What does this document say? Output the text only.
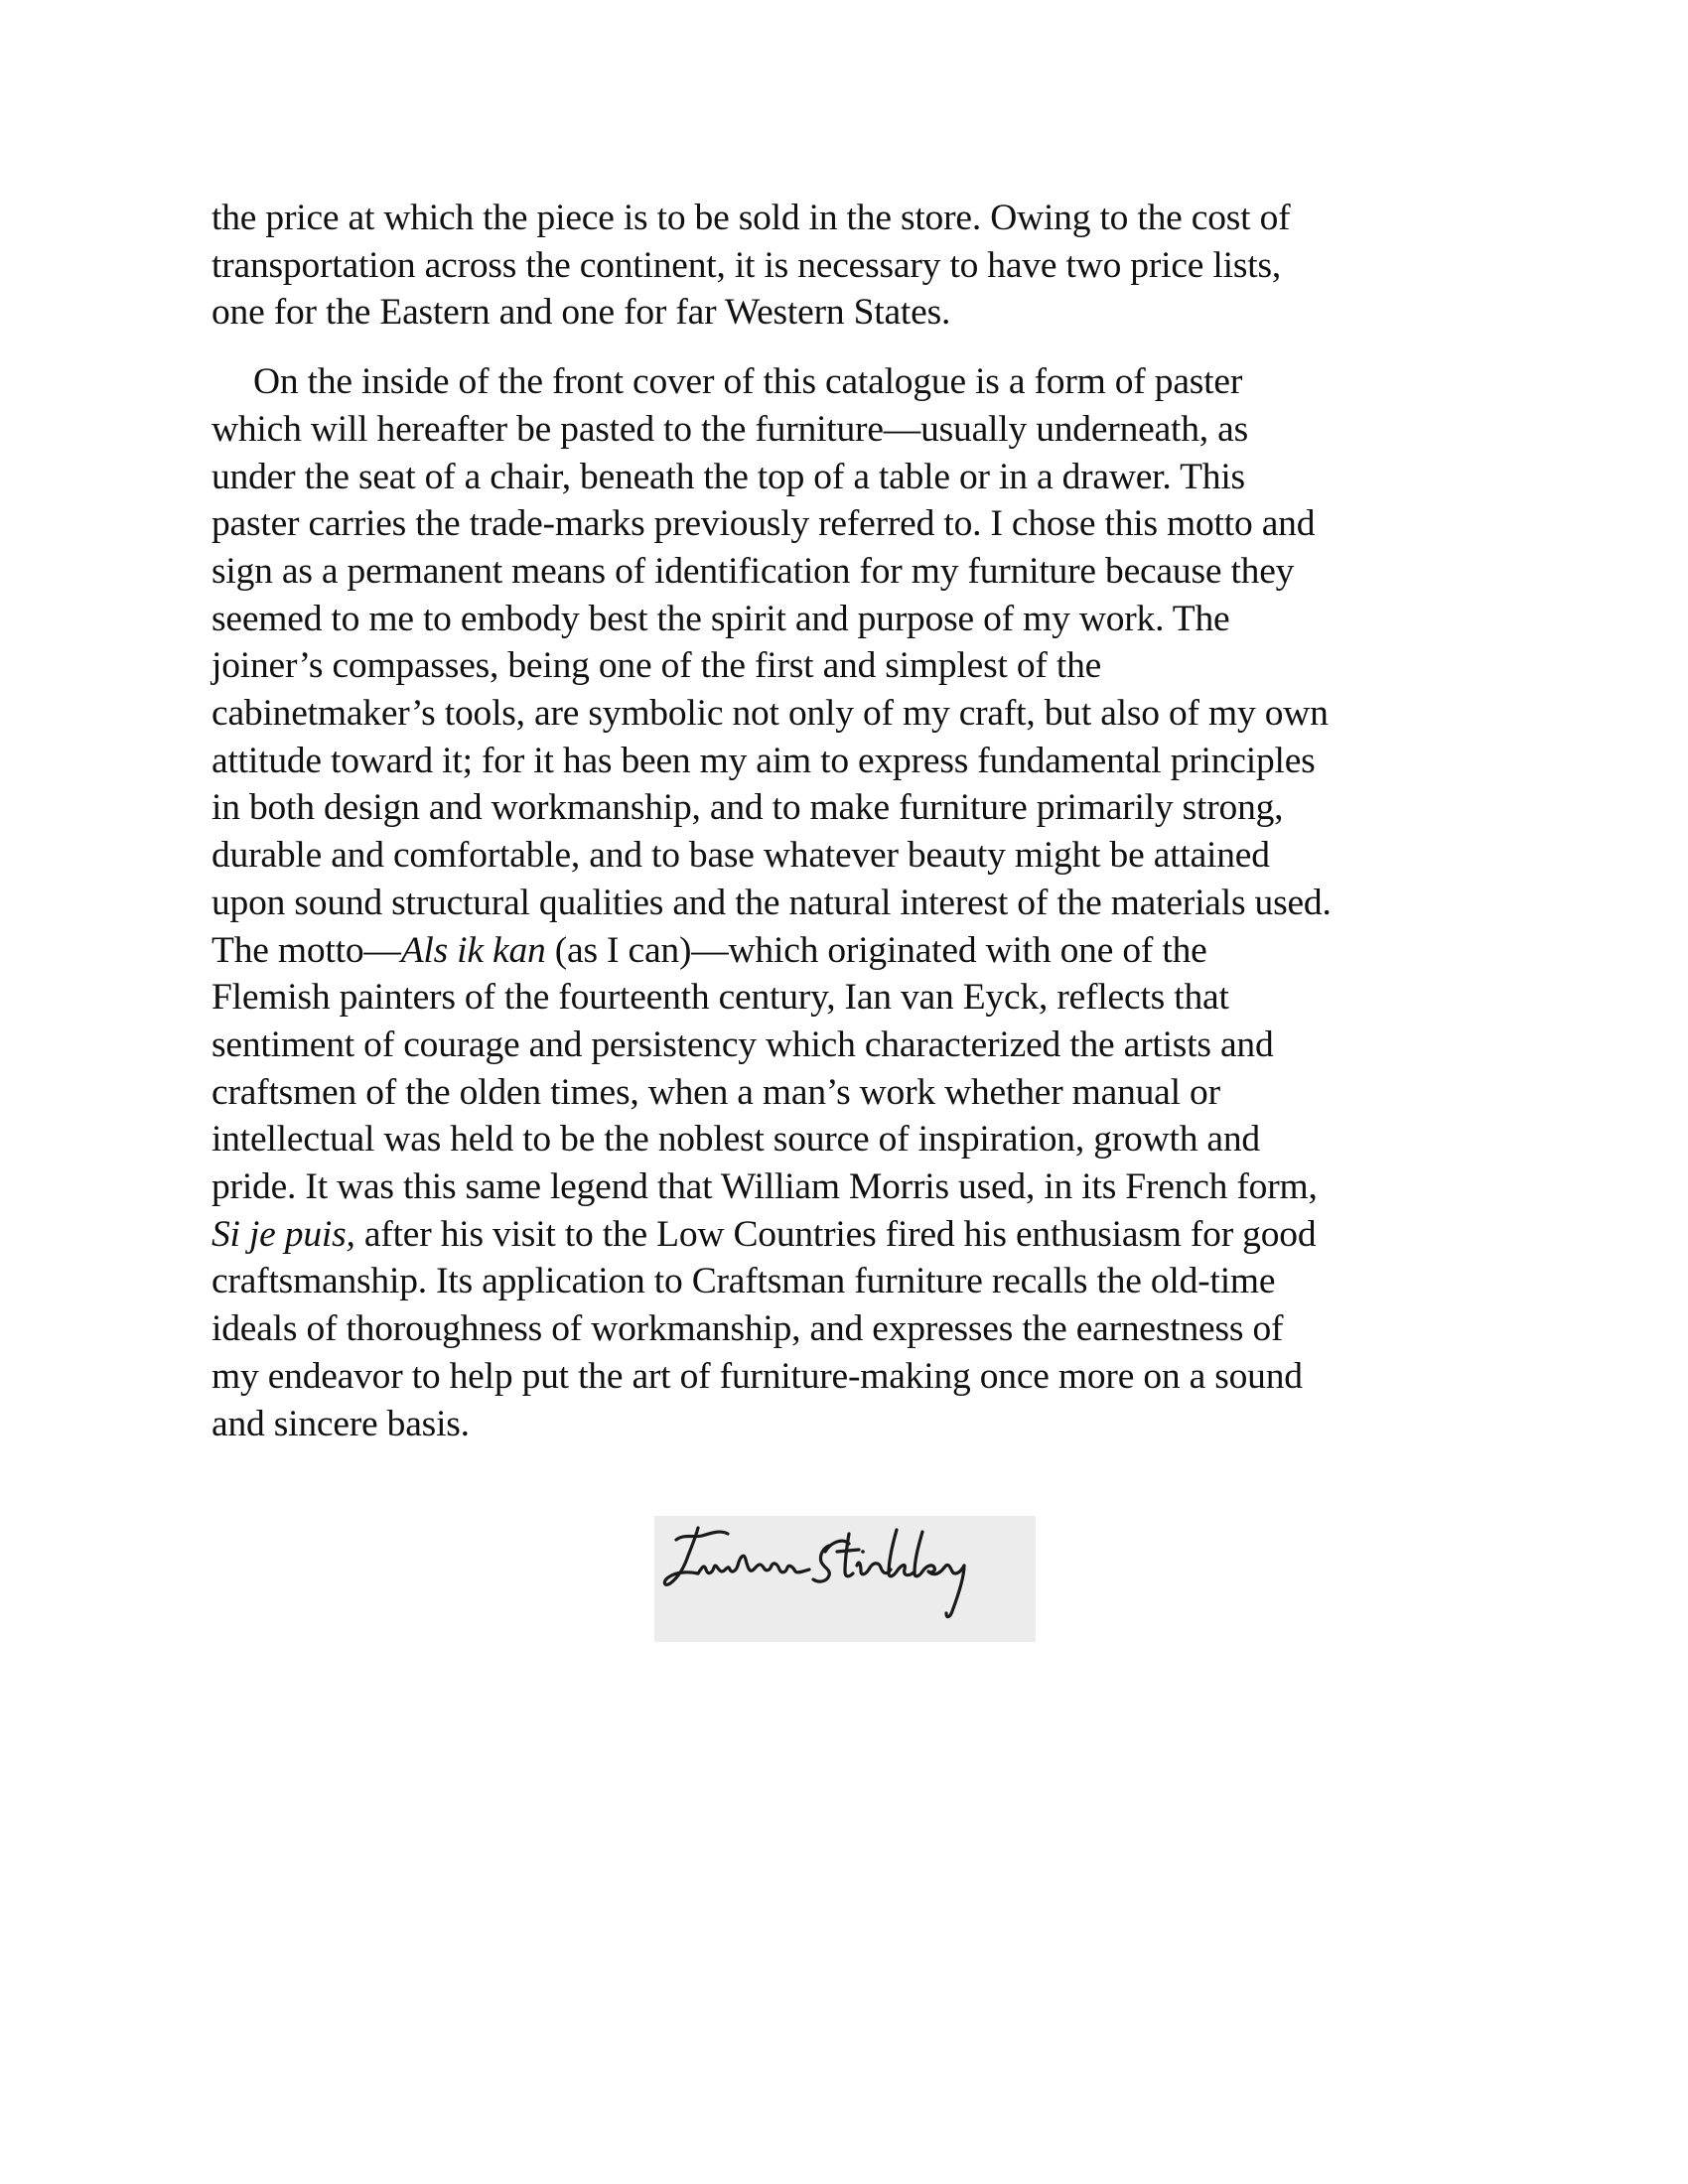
the price at which the piece is to be sold in the store. Owing to the cost of
transportation across the continent, it is necessary to have two price lists,
one for the Eastern and one for far Western States.

On the inside of the front cover of this catalogue is a form of paster
which will hereafter be pasted to the furniture—usually underneath, as
under the seat of a chair, beneath the top of a table or in a drawer. This
paster carries the trade-marks previously referred to. I chose this motto and
sign as a permanent means of identification for my furniture because they
seemed to me to embody best the spirit and purpose of my work. The
joiner’s compasses, being one of the first and simplest of the
cabinetmaker’s tools, are symbolic not only of my craft, but also of my own
attitude toward it; for it has been my aim to express fundamental principles
in both design and workmanship, and to make furniture primarily strong,
durable and comfortable, and to base whatever beauty might be attained
upon sound structural qualities and the natural interest of the materials used.
The motto—Als ik kan (as I can)—which originated with one of the
Flemish painters of the fourteenth century, Ian van Eyck, reflects that
sentiment of courage and persistency which characterized the artists and
craftsmen of the olden times, when a man’s work whether manual or
intellectual was held to be the noblest source of inspiration, growth and
pride. It was this same legend that William Morris used, in its French form,
Si je puis, after his visit to the Low Countries fired his enthusiasm for good
craftsmanship. Its application to Craftsman furniture recalls the old-time
ideals of thoroughness of workmanship, and expresses the earnestness of
my endeavor to help put the art of furniture-making once more on a sound
and sincere basis.
